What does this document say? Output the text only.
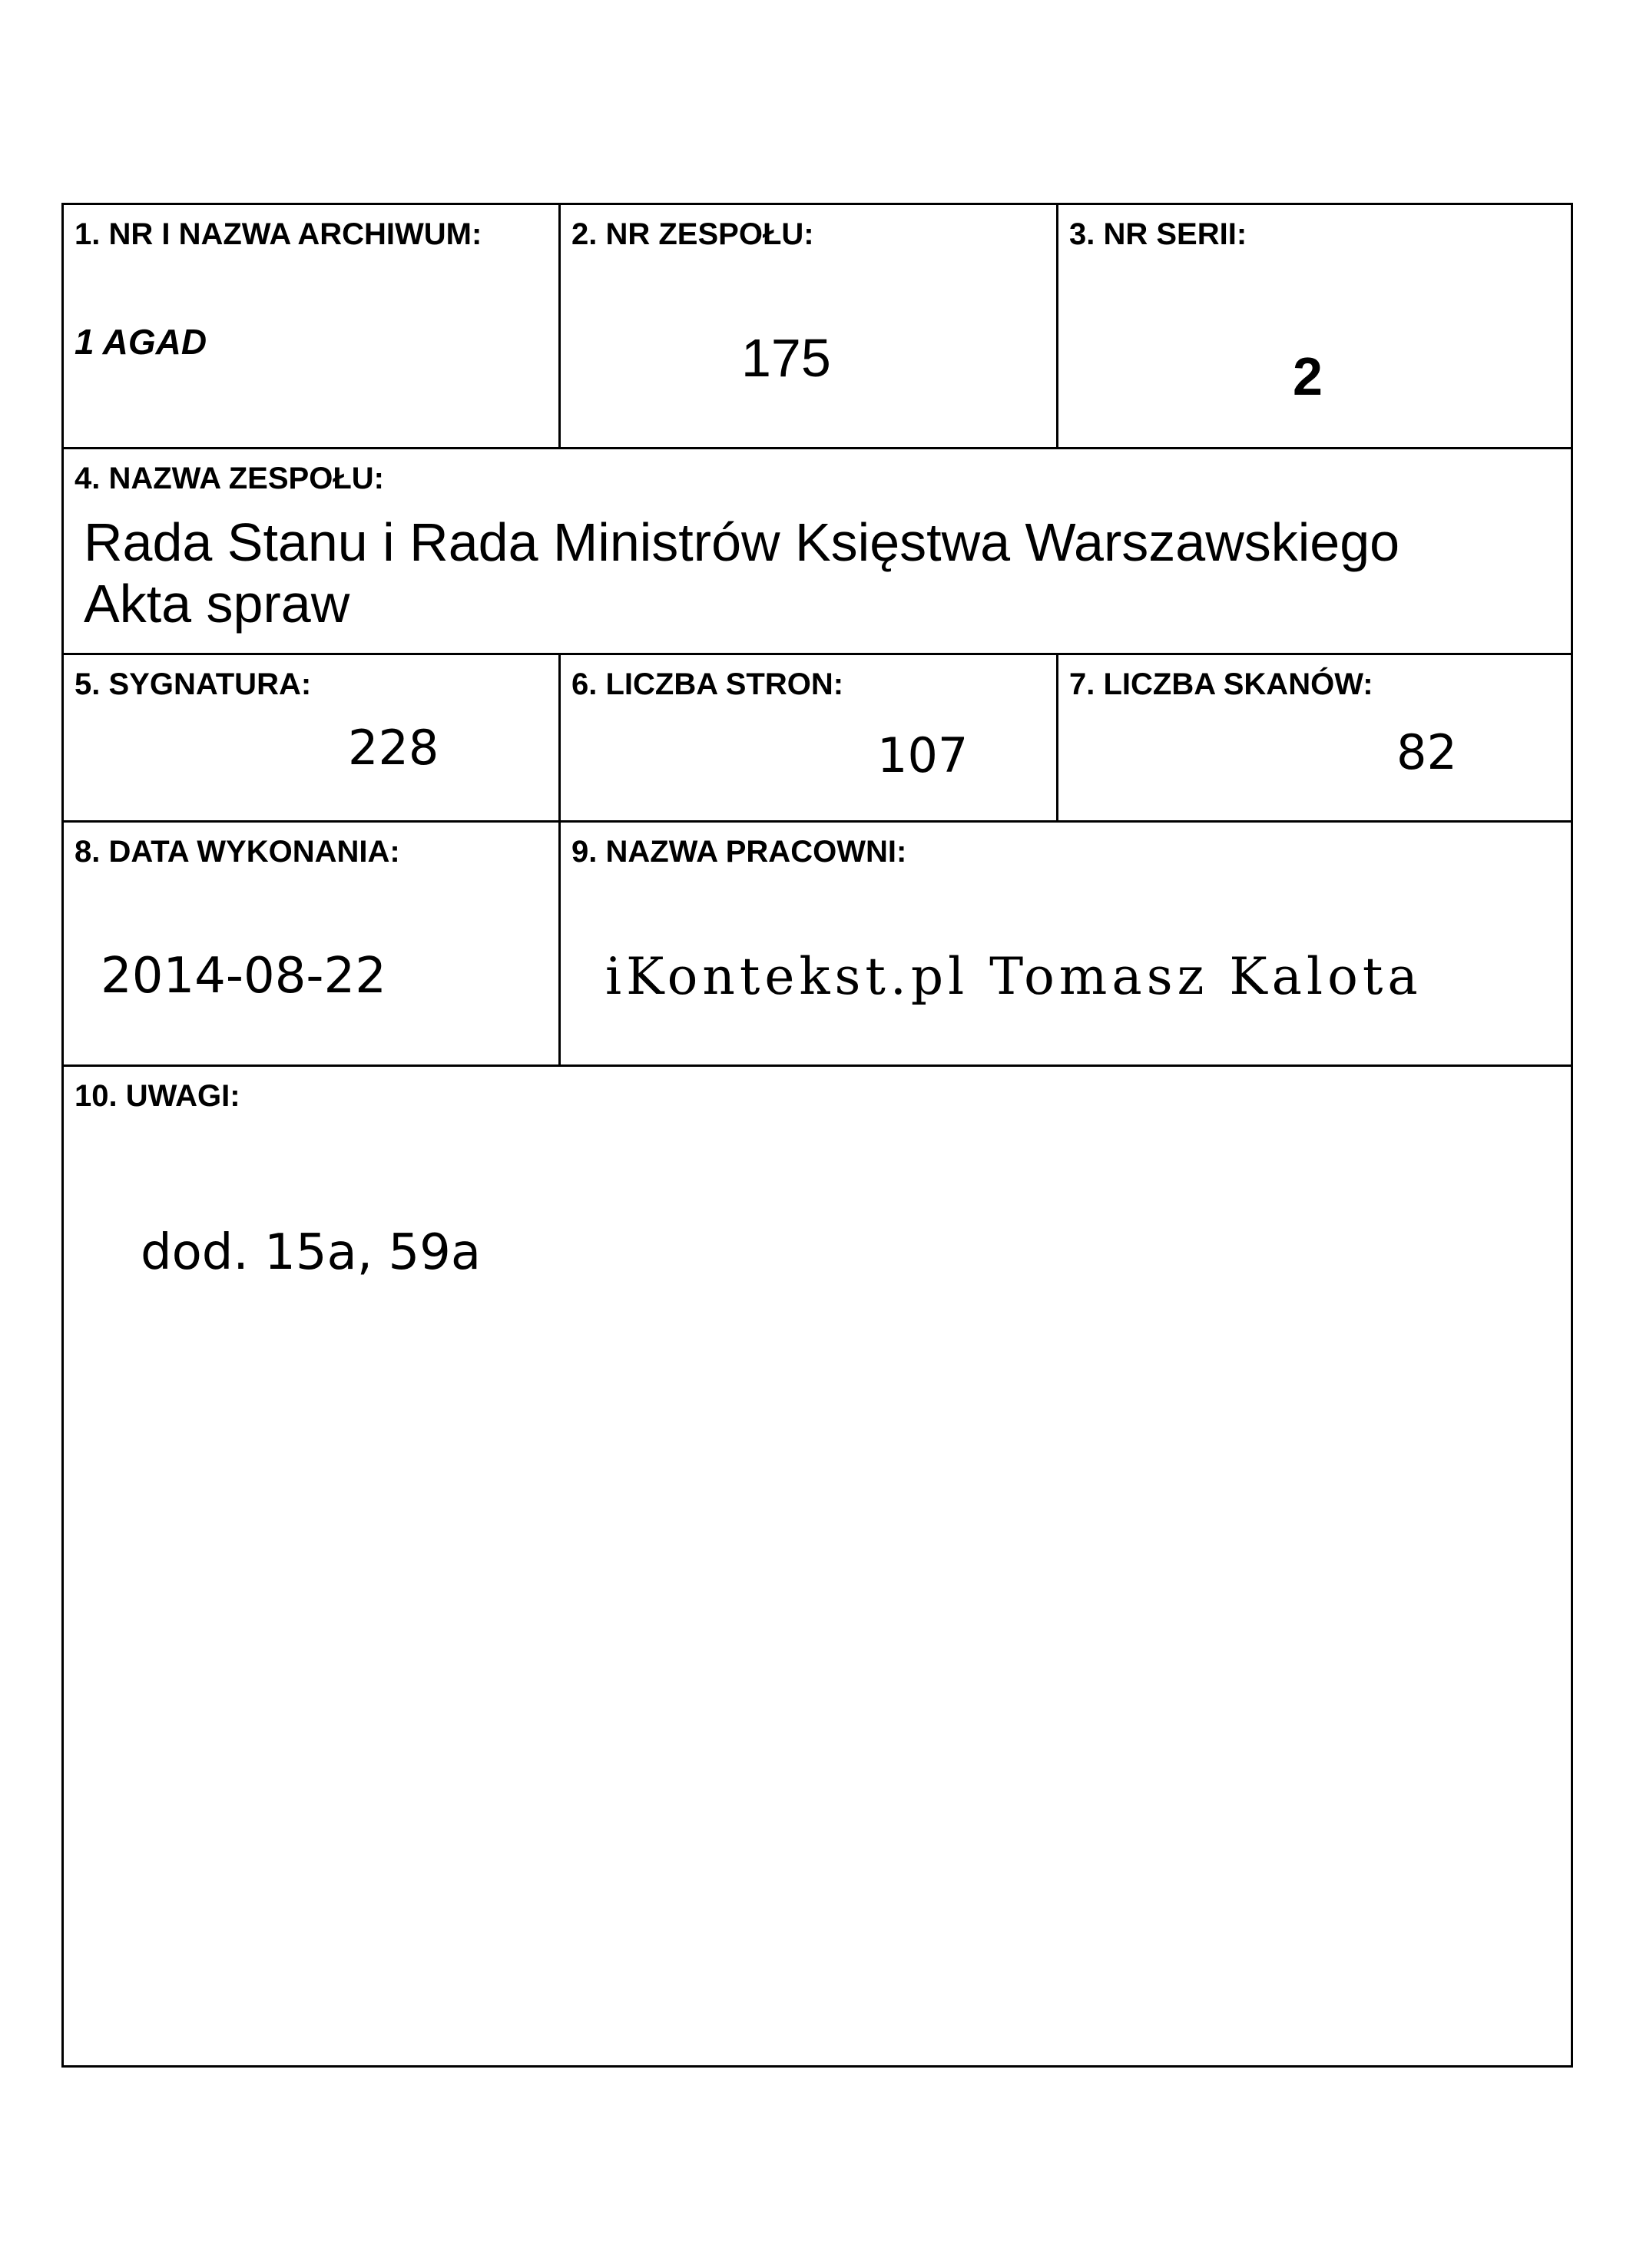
1. NR I NAZWA ARCHIWUM:
1 AGAD
2. NR ZESPOŁU:
175
3. NR SERII:
2
4. NAZWA ZESPOŁU:
Rada Stanu i Rada Ministrów Księstwa Warszawskiego
Akta spraw
5. SYGNATURA:
228
6. LICZBA STRON:
107
7. LICZBA SKANÓW:
82
8. DATA WYKONANIA:
2014-08-22
9. NAZWA PRACOWNI:
iKontekst.pl Tomasz Kalota
10. UWAGI:
dod. 15a, 59a
